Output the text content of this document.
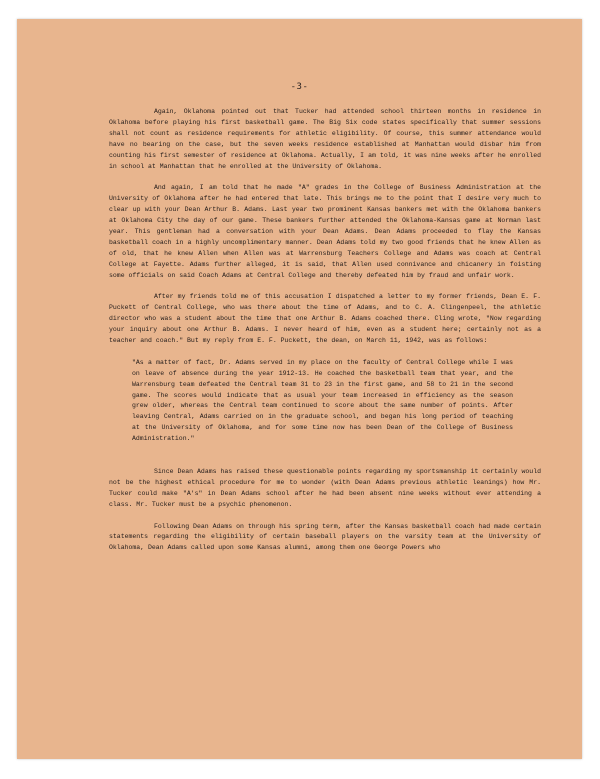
-3-

Again, Oklahoma pointed out that Tucker had attended school thirteen months in residence in Oklahoma before playing his first basketball game. The Big Six code states specifically that summer sessions shall not count as residence requirements for athletic eligibility. Of course, this summer attendance would have no bearing on the case, but the seven weeks residence established at Manhattan would disbar him from counting his first semester of residence at Oklahoma. Actually, I am told, it was nine weeks after he enrolled in school at Manhattan that he enrolled at the University of Oklahoma.

And again, I am told that he made "A" grades in the College of Business Administration at the University of Oklahoma after he had entered that late. This brings me to the point that I desire very much to clear up with your Dean Arthur B. Adams. Last year two prominent Kansas bankers met with the Oklahoma bankers at Oklahoma City the day of our game. These bankers further attended the Oklahoma-Kansas game at Norman last year. This gentleman had a conversation with your Dean Adams. Dean Adams proceeded to flay the Kansas basketball coach in a highly uncomplimentary manner. Dean Adams told my two good friends that he knew Allen as of old, that he knew Allen when Allen was at Warrensburg Teachers College and Adams was coach at Central College at Fayette. Adams further alleged, it is said, that Allen used connivance and chicanery in foisting some officials on said Coach Adams at Central College and thereby defeated him by fraud and unfair work.

After my friends told me of this accusation I dispatched a letter to my former friends, Dean E. F. Puckett of Central College, who was there about the time of Adams, and to C. A. Clingenpeel, the athletic director who was a student about the time that one Arthur B. Adams coached there. Cling wrote, "Now regarding your inquiry about one Arthur B. Adams. I never heard of him, even as a student here; certainly not as a teacher and coach." But my reply from E. F. Puckett, the dean, on March 11, 1942, was as follows:

"As a matter of fact, Dr. Adams served in my place on the faculty of Central College while I was on leave of absence during the year 1912-13. He coached the basketball team that year, and the Warrensburg team defeated the Central team 31 to 23 in the first game, and 58 to 21 in the second game. The scores would indicate that as usual your team increased in efficiency as the season grew older, whereas the Central team continued to score about the same number of points. After leaving Central, Adams carried on in the graduate school, and began his long period of teaching at the University of Oklahoma, and for some time now has been Dean of the College of Business Administration."

Since Dean Adams has raised these questionable points regarding my sportsmanship it certainly would not be the highest ethical procedure for me to wonder (with Dean Adams previous athletic leanings) how Mr. Tucker could make "A's" in Dean Adams school after he had been absent nine weeks without ever attending a class. Mr. Tucker must be a psychic phenomenon.

Following Dean Adams on through his spring term, after the Kansas basketball coach had made certain statements regarding the eligibility of certain baseball players on the varsity team at the University of Oklahoma, Dean Adams called upon some Kansas alumni, among them one George Powers who
